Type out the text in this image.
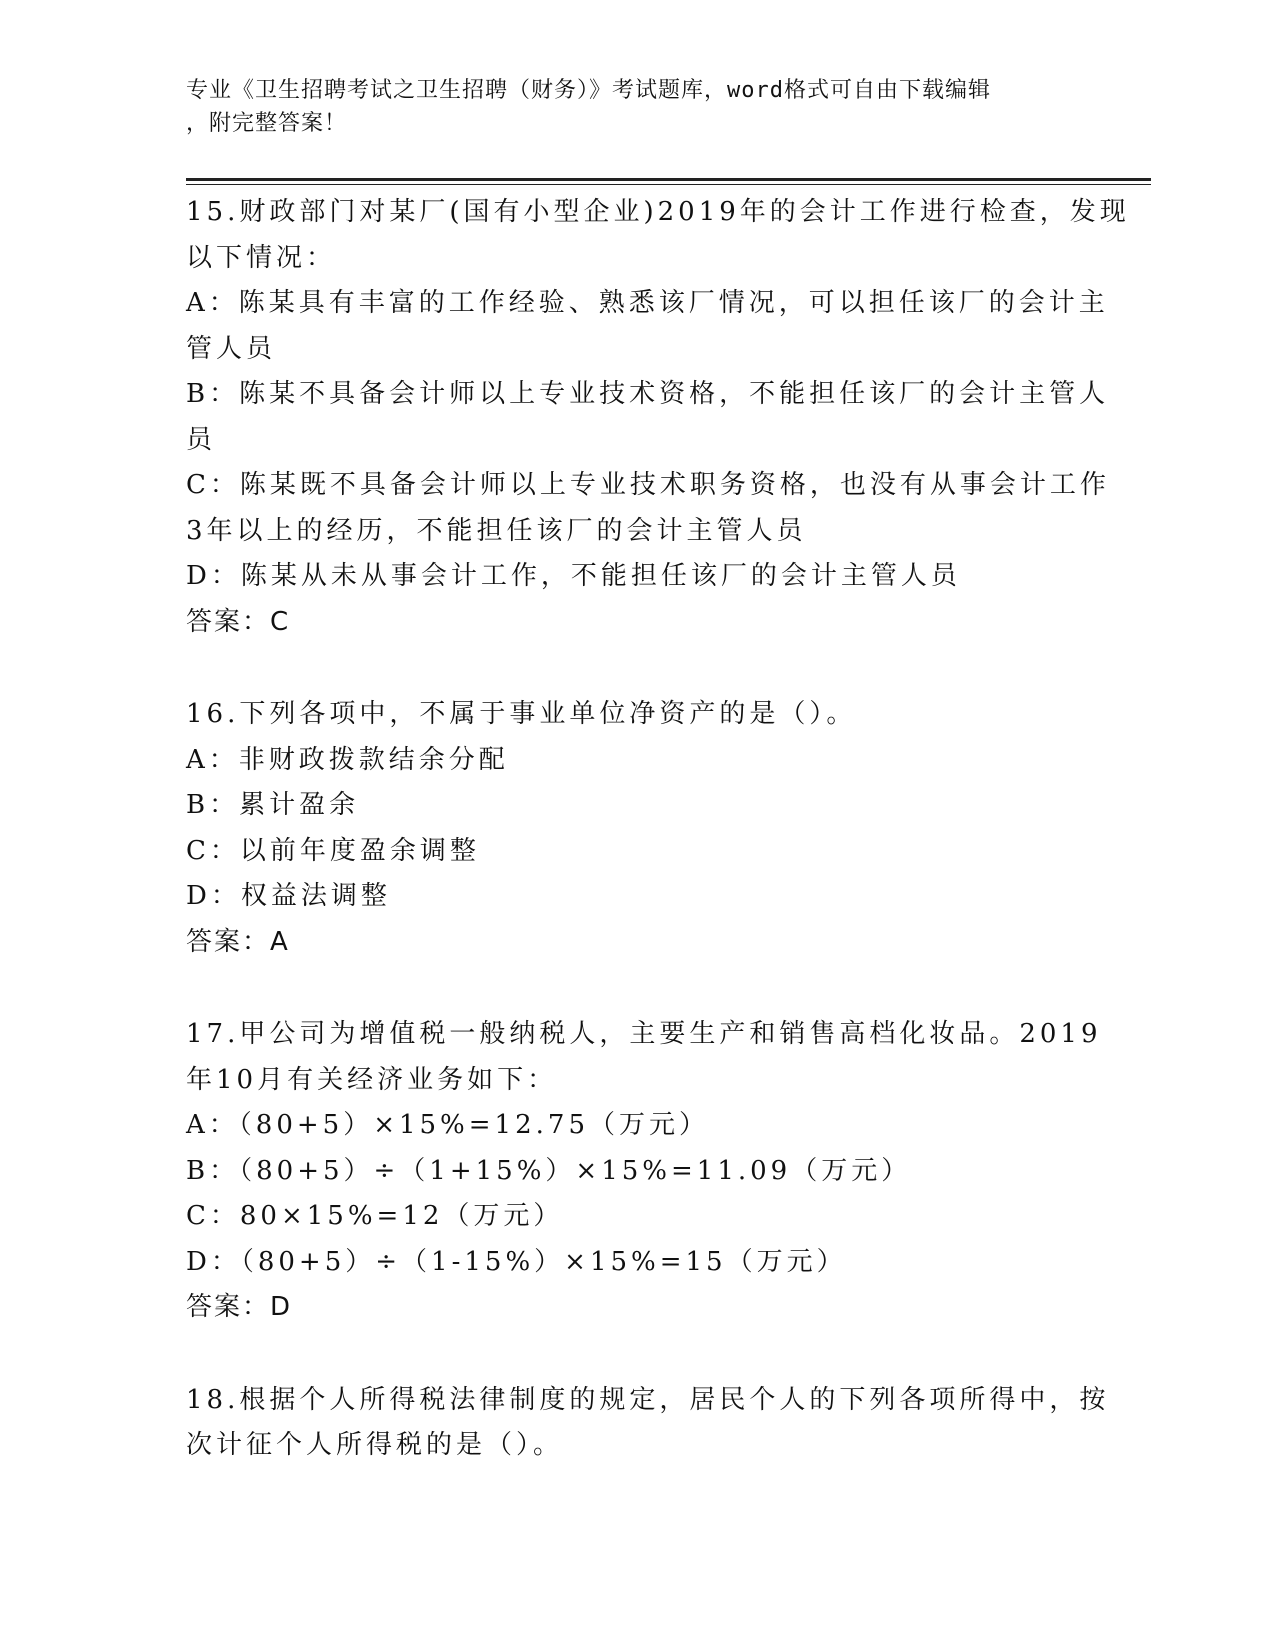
专业《卫生招聘考试之卫生招聘（财务）》考试题库，word格式可自由下载编辑
，附完整答案！
15.财政部门对某厂(国有小型企业)2019年的会计工作进行检查，发现
以下情况：
A：陈某具有丰富的工作经验、熟悉该厂情况，可以担任该厂的会计主
管人员
B：陈某不具备会计师以上专业技术资格，不能担任该厂的会计主管人
员
C：陈某既不具备会计师以上专业技术职务资格，也没有从事会计工作
3年以上的经历，不能担任该厂的会计主管人员
D：陈某从未从事会计工作，不能担任该厂的会计主管人员
答案：C
16.下列各项中，不属于事业单位净资产的是（）。
A：非财政拨款结余分配
B：累计盈余
C：以前年度盈余调整
D：权益法调整
答案：A
17.甲公司为增值税一般纳税人，主要生产和销售高档化妆品。2019
年10月有关经济业务如下：
A：（80+5）×15%=12.75（万元）
B：（80+5）÷（1+15%）×15%=11.09（万元）
C：80×15%=12（万元）
D：（80+5）÷（1-15%）×15%=15（万元）
答案：D
18.根据个人所得税法律制度的规定，居民个人的下列各项所得中，按
次计征个人所得税的是（）。
